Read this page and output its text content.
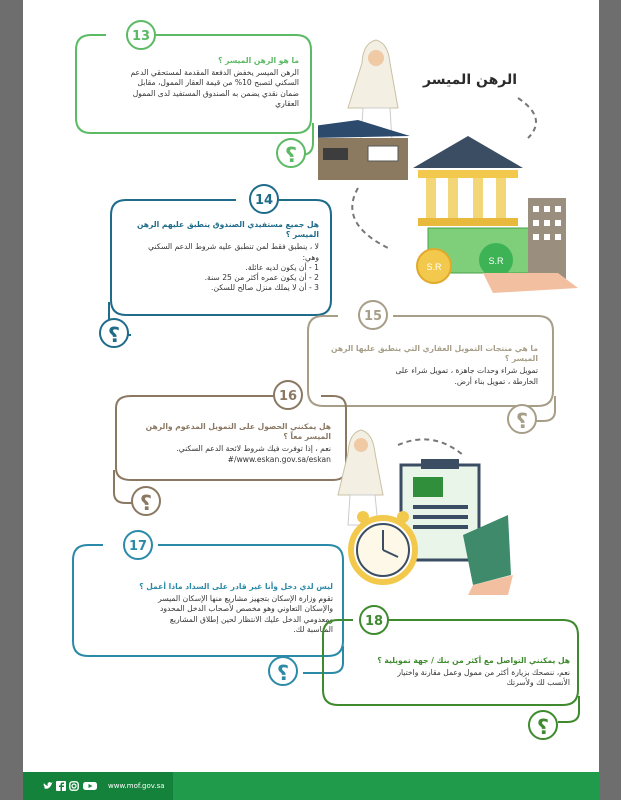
الرهن الميسر
13
ما هو الرهن الميسر ؟
الرهن الميسر يخفض الدفعة المقدمة لمستحقي الدعم
السكني لتصبح 10% من قيمة العقار الممول، مقابل
ضمان نقدي يضمن به الصندوق المستفيد لدى الممول
العقاري
؟
14
هل جميع مستفيدي الصندوق ينطبق عليهم الرهن الميسر ؟
لا ، ينطبق فقط لمن تنطبق عليه شروط الدعم السكني
وهي:
1 - أن يكون لديه عائلة.
2 - أن يكون عمره أكثر من 25 سنة.
3 - أن لا يملك منزل صالح للسكن.
؟
15
ما هي منتجات التمويل العقاري التي ينطبق عليها الرهن الميسر ؟
تمويل شراء وحدات جاهزة ، تمويل شراء على
الخارطة ، تمويل بناء أرض.
؟
16
هل يمكنني الحصول على التمويل المدعوم والرهن الميسر معاً ؟
نعم ، إذا توفرت فيك شروط لائحة الدعم السكني.
www.eskan.gov.sa/eskan/#
؟
17
ليس لدي دخل وأنا غير قادر على السداد ماذا أعمل ؟
تقوم وزارة الإسكان بتجهيز مشاريع منها الإسكان الميسر
والإسكان التعاوني وهو مخصص لأصحاب الدخل المحدود
ومعدومي الدخل عليك الانتظار لحين إطلاق المشاريع
المناسبة لك.
؟
18
هل يمكنني التواصل مع أكثر من بنك / جهة تمويلية ؟
نعم، ننصحك بزيارة أكثر من ممول وعمل مقارنة واختيار
الأنسب لك ولأسرتك
؟
S.R
S.R
www.mof.gov.sa
